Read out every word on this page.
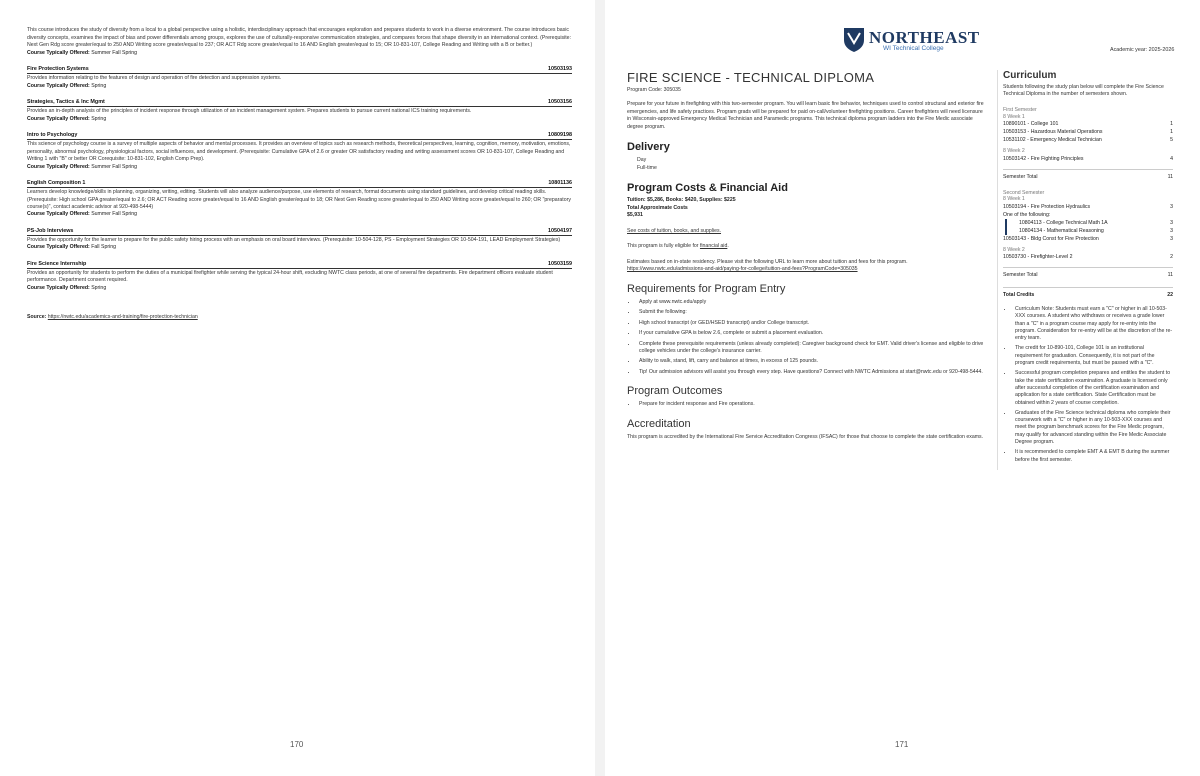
This course introduces the study of diversity from a local to a global perspective using a holistic, interdisciplinary approach that encourages exploration and prepares students to work in a diverse environment. The course introduces basic diversity concepts, examines the impact of bias and power differentials among groups, explores the use of culturally-responsive communication strategies, and compares forces that shape diversity in an international context. (Prerequisite: Next Gen Rdg score greater/equal to 250 AND Writing score greater/equal to 237; OR ACT Rdg score greater/equal to 16 AND English greater/equal to 15; OR 10-831-107, College Reading and Writing with a B or better.)

Course Typically Offered: Summer Fall Spring

Fire Protection Systems	10503193

Provides information relating to the features of design and operation of fire detection and suppression systems.

Course Typically Offered: Spring

Strategies, Tactics & Inc Mgmt	10503156

Provides an in-depth analysis of the principles of incident response through utilization of an incident management system. Prepares students to pursue current national ICS training requirements.

Course Typically Offered: Spring

Intro to Psychology	10809198

This science of psychology course is a survey of multiple aspects of behavior and mental processes. It provides an overview of topics such as research methods, theoretical perspectives, learning, cognition, memory, motivation, emotions, personality, abnormal psychology, physiological factors, social influences, and development. (Prerequisite: Cumulative GPA of 2.6 or greater OR satisfactory reading and writing assessment scores OR 10-831-107, College Reading and Writing 1 with "B" or better OR Corequisite: 10-831-102, English Comp Prep).

Course Typically Offered: Summer Fall Spring

English Composition 1	10801136

Learners develop knowledge/skills in planning, organizing, writing, editing. Students will also analyze audience/purpose, use elements of research, format documents using standard guidelines, and develop critical reading skills. (Prerequisite: High school GPA greater/equal to 2.6; OR ACT Reading score greater/equal to 16 AND English greater/equal to 18; OR Next Gen Reading score greater/equal to 250 AND Writing score greater/equal to 260; OR "preparatory course(s)", contact academic advisor at 920-498-5444)

Course Typically Offered: Summer Fall Spring

PS-Job Interviews	10504197

Provides the opportunity for the learner to prepare for the public safety hiring process with an emphasis on oral board interviews. (Prerequisite: 10-504-128, PS - Employment Strategies OR 10-504-191, LEAD Employment Strategies)

Course Typically Offered: Fall Spring

Fire Science Internship	10503159

Provides an opportunity for students to perform the duties of a municipal firefighter while serving the typical 24-hour shift, excluding NWTC class periods, at one of several fire departments. Fire department officers evaluate student performance. Department consent required.

Course Typically Offered: Spring

Source: https://nwtc.edu/academics-and-training/fire-protection-technician
170
NORTHEAST
WI Technical College	Academic year: 2025-2026
FIRE SCIENCE - TECHNICAL DIPLOMA

Program Code: 305035

Prepare for your future in firefighting with this two-semester program. You will learn basic fire behavior, techniques used to control structural and exterior fire emergencies, and life safety practices. Program grads will be prepared for paid on-call/volunteer firefighting positions. Career firefighters will need licensure in Wisconsin-approved Emergency Medical Technician and Paramedic programs. This technical diploma program ladders into the Fire Medic associate degree program.

Delivery
Day
Full-time
Program Costs & Financial Aid
Tuition: $5,286, Books: $420, Supplies: $225
Total Approximate Costs
$5,931

See costs of tuition, books, and supplies.

This program is fully eligible for financial aid.

Estimates based on in-state residency. Please visit the following URL to learn more about tuition and fees for this program.
https://www.nwtc.edu/admissions-and-aid/paying-for-college/tuition-and-fees?ProgramCode=305035

Requirements for Program Entry
• Apply at www.nwtc.edu/apply
• Submit the following:
• High school transcript (or GED/HSED transcript) and/or College transcript.
• If your cumulative GPA is below 2.6, complete or submit a placement evaluation.
• Complete these prerequisite requirements (unless already completed): Caregiver background check for EMT. Valid driver's license and eligible to drive college vehicles under the college's insurance carrier.
• Ability to walk, stand, lift, carry and balance at times, in excess of 125 pounds.
• Tip! Our admission advisors will assist you through every step. Have questions? Connect with NWTC Admissions at start@nwtc.edu or 920-498-5444.
Program Outcomes
• Prepare for incident response and Fire operations.
Accreditation

This program is accredited by the International Fire Service Accreditation Congress (IFSAC) for those that choose to complete the state certification exams.

Curriculum

Students following the study plan below will complete the Fire Science Technical Diploma in the number of semesters shown.

First Semester
8 Week 1
10890101 - College 101	1
10503153 - Hazardous Material Operations	1
10531102 - Emergency Medical Technician	5
8 Week 2
10503142 - Fire Fighting Principles	4
Semester Total	11
Second Semester
8 Week 1
10503194 - Fire Protection Hydraulics	3
One of the following:
10804113 - College Technical Math 1A	3
10804134 - Mathematical Reasoning	3
10503143 - Bldg Const for Fire Protection	3
8 Week 2
10503730 - Firefighter-Level 2	2
Semester Total	11
Total Credits	22
• Curriculum Note: Students must earn a "C" or higher in all 10-503-XXX courses. A student who withdraws or receives a grade lower than a "C" in a program course may apply for re-entry into the program. Consideration for re-entry will be at the discretion of the re-entry team.
• The credit for 10-890-101, College 101 is an institutional requirement for graduation. Consequently, it is not part of the program credit requirements, but must be passed with a "C".
• Successful program completion prepares and entitles the student to take the state certification examination. A graduate is licensed only after successful completion of the certification examination and application for a state certification. State Certification must be obtained within 2 years of course completion.
• Graduates of the Fire Science technical diploma who complete their coursework with a "C" or higher in any 10-503-XXX courses and meet the program benchmark scores for the Fire Medic program, may qualify for advanced standing within the Fire Medic Associate Degree program.
• It is recommended to complete EMT A & EMT B during the summer before the first semester.
171
